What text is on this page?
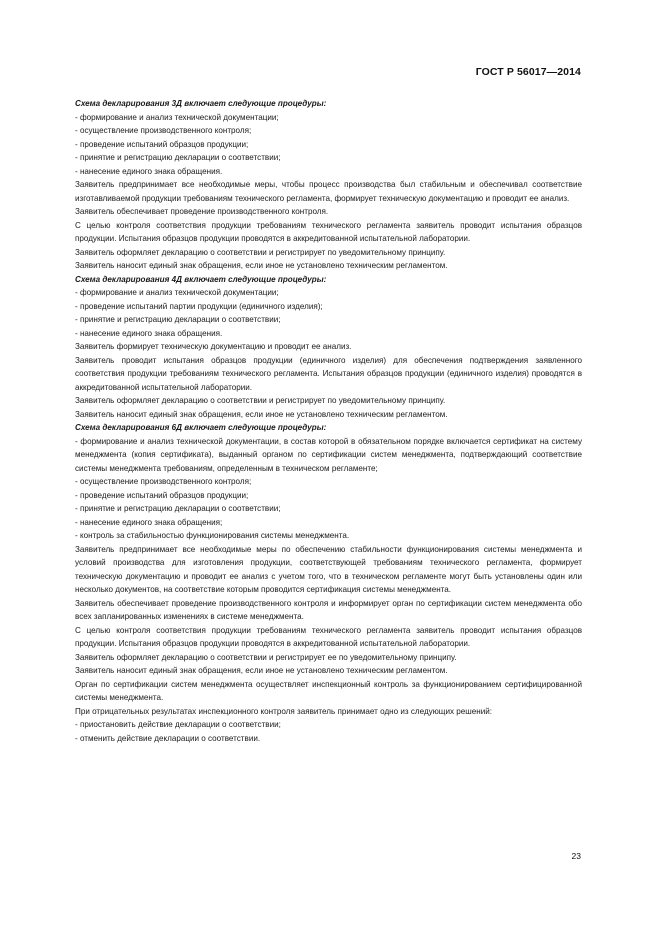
ГОСТ Р 56017—2014

Схема декларирования 3Д включает следующие процедуры:

- формирование и анализ технической документации;

- осуществление производственного контроля;

- проведение испытаний образцов продукции;

- принятие и регистрацию декларации о соответствии;

- нанесение единого знака обращения.

Заявитель предпринимает все необходимые меры, чтобы процесс производства был стабильным и обеспечивал соответствие изготавливаемой продукции требованиям технического регламента, формирует техническую документацию и проводит ее анализ.

Заявитель обеспечивает проведение производственного контроля.

С целью контроля соответствия продукции требованиям технического регламента заявитель проводит испытания образцов продукции. Испытания образцов продукции проводятся в аккредитованной испытательной лаборатории.

Заявитель оформляет декларацию о соответствии и регистрирует по уведомительному принципу.

Заявитель наносит единый знак обращения, если иное не установлено техническим регламентом.

Схема декларирования 4Д включает следующие процедуры:

- формирование и анализ технической документации;

- проведение испытаний партии продукции (единичного изделия);

- принятие и регистрацию декларации о соответствии;

- нанесение единого знака обращения.

Заявитель формирует техническую документацию и проводит ее анализ.

Заявитель проводит испытания образцов продукции (единичного изделия) для обеспечения подтверждения заявленного соответствия продукции требованиям технического регламента. Испытания образцов продукции (единичного изделия) проводятся в аккредитованной испытательной лаборатории.

Заявитель оформляет декларацию о соответствии и регистрирует по уведомительному принципу.

Заявитель наносит единый знак обращения, если иное не установлено техническим регламентом.

Схема декларирования 6Д включает следующие процедуры:

- формирование и анализ технической документации, в состав которой в обязательном порядке включается сертификат на систему менеджмента (копия сертификата), выданный органом по сертификации систем менеджмента, подтверждающий соответствие системы менеджмента требованиям, определенным в техническом регламенте;

- осуществление производственного контроля;

- проведение испытаний образцов продукции;

- принятие и регистрацию декларации о соответствии;

- нанесение единого знака обращения;

- контроль за стабильностью функционирования системы менеджмента.

Заявитель предпринимает все необходимые меры по обеспечению стабильности функционирования системы менеджмента и условий производства для изготовления продукции, соответствующей требованиям технического регламента, формирует техническую документацию и проводит ее анализ с учетом того, что в техническом регламенте могут быть установлены один или несколько документов, на соответствие которым проводится сертификация системы менеджмента.

Заявитель обеспечивает проведение производственного контроля и информирует орган по сертификации систем менеджмента обо всех запланированных изменениях в системе менеджмента.

С целью контроля соответствия продукции требованиям технического регламента заявитель проводит испытания образцов продукции. Испытания образцов продукции проводятся в аккредитованной испытательной лаборатории.

Заявитель оформляет декларацию о соответствии и регистрирует ее по уведомительному принципу.

Заявитель наносит единый знак обращения, если иное не установлено техническим регламентом.

Орган по сертификации систем менеджмента осуществляет инспекционный контроль за функционированием сертифицированной системы менеджмента.

При отрицательных результатах инспекционного контроля заявитель принимает одно из следующих решений:

- приостановить действие декларации о соответствии;

- отменить действие декларации о соответствии.

23
